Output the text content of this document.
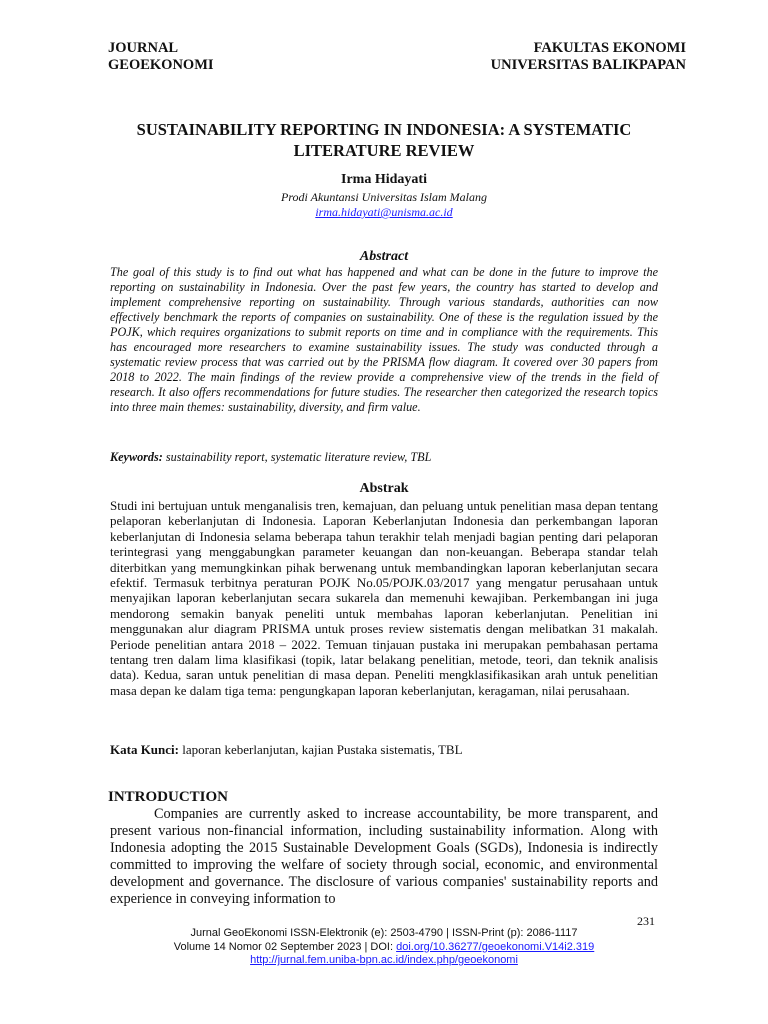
JOURNAL
GEOEKONOMI
FAKULTAS EKONOMI
UNIVERSITAS BALIKPAPAN
SUSTAINABILITY REPORTING IN INDONESIA: A SYSTEMATIC
LITERATURE REVIEW
Irma Hidayati
Prodi Akuntansi Universitas Islam Malang
irma.hidayati@unisma.ac.id
Abstract

The goal of this study is to find out what has happened and what can be done in the future to improve the reporting on sustainability in Indonesia. Over the past few years, the country has started to develop and implement comprehensive reporting on sustainability. Through various standards, authorities can now effectively benchmark the reports of companies on sustainability. One of these is the regulation issued by the POJK, which requires organizations to submit reports on time and in compliance with the requirements. This has encouraged more researchers to examine sustainability issues. The study was conducted through a systematic review process that was carried out by the PRISMA flow diagram. It covered over 30 papers from 2018 to 2022. The main findings of the review provide a comprehensive view of the trends in the field of research. It also offers recommendations for future studies. The researcher then categorized the research topics into three main themes: sustainability, diversity, and firm value.

Keywords: sustainability report, systematic literature review, TBL
Abstrak

Studi ini bertujuan untuk menganalisis tren, kemajuan, dan peluang untuk penelitian masa depan tentang pelaporan keberlanjutan di Indonesia. Laporan Keberlanjutan Indonesia dan perkembangan laporan keberlanjutan di Indonesia selama beberapa tahun terakhir telah menjadi bagian penting dari pelaporan terintegrasi yang menggabungkan parameter keuangan dan non-keuangan. Beberapa standar telah diterbitkan yang memungkinkan pihak berwenang untuk membandingkan laporan keberlanjutan secara efektif. Termasuk terbitnya peraturan POJK No.05/POJK.03/2017 yang mengatur perusahaan untuk menyajikan laporan keberlanjutan secara sukarela dan memenuhi kewajiban. Perkembangan ini juga mendorong semakin banyak peneliti untuk membahas laporan keberlanjutan. Penelitian ini menggunakan alur diagram PRISMA untuk proses review sistematis dengan melibatkan 31 makalah. Periode penelitian antara 2018 – 2022. Temuan tinjauan pustaka ini merupakan pembahasan pertama tentang tren dalam lima klasifikasi (topik, latar belakang penelitian, metode, teori, dan teknik analisis data). Kedua, saran untuk penelitian di masa depan. Peneliti mengklasifikasikan arah untuk penelitian masa depan ke dalam tiga tema: pengungkapan laporan keberlanjutan, keragaman, nilai perusahaan.

Kata Kunci: laporan keberlanjutan, kajian Pustaka sistematis, TBL
INTRODUCTION

Companies are currently asked to increase accountability, be more transparent, and present various non-financial information, including sustainability information. Along with Indonesia adopting the 2015 Sustainable Development Goals (SGDs), Indonesia is indirectly committed to improving the welfare of society through social, economic, and environmental development and governance. The disclosure of various companies' sustainability reports and experience in conveying information to

231
Jurnal GeoEkonomi ISSN-Elektronik (e): 2503-4790 | ISSN-Print (p): 2086-1117
Volume 14 Nomor 02 September 2023 | DOI: doi.org/10.36277/geoekonomi.V14i2.319
http://jurnal.fem.uniba-bpn.ac.id/index.php/geoekonomi
